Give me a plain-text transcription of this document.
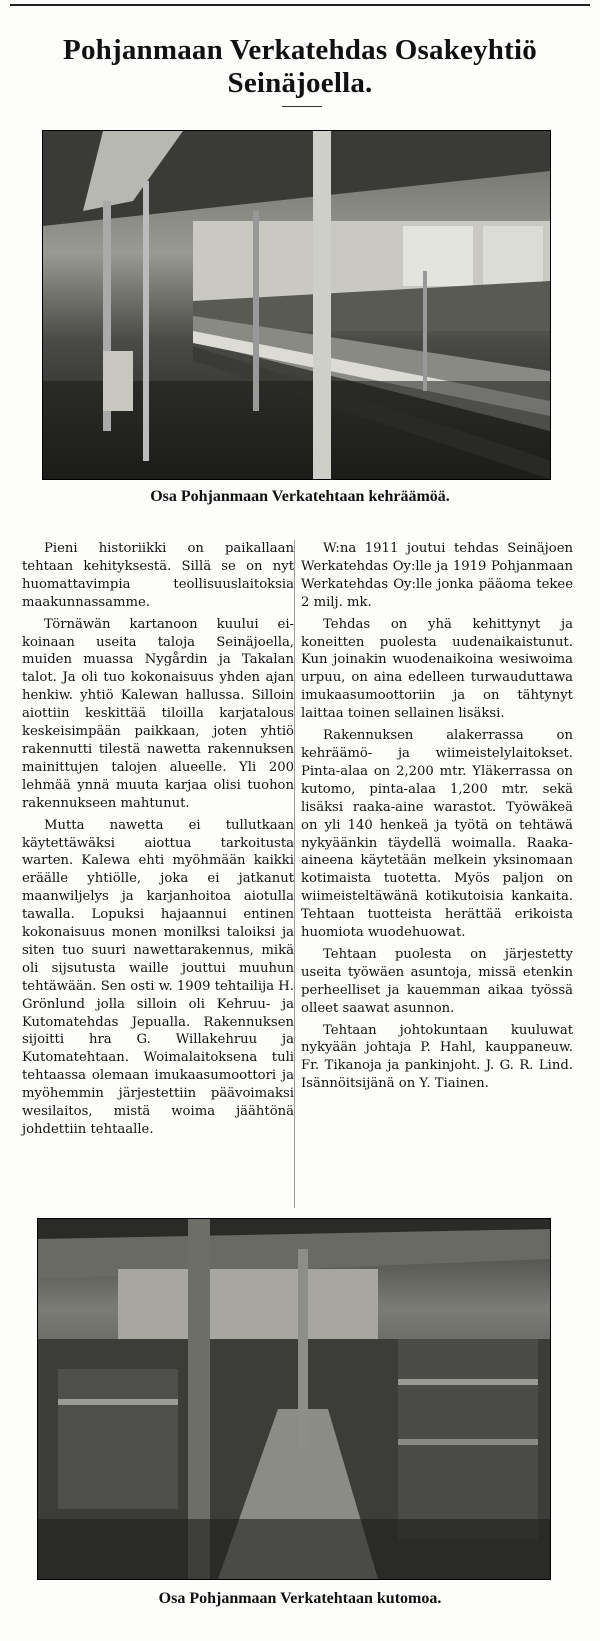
Pohjanmaan Verkatehdas Osakeyhtiö
Seinäjoella.
Osa Pohjanmaan Verkatehtaan kehräämöä.

Pieni historiikki on paikallaan tehtaan kehityksestä. Sillä se on nyt huomattavimpia teollisuuslaitoksia maakunnassamme.

Törnäwän kartanoon kuului ei-koinaan useita taloja Seinäjoella, muiden muassa Nygårdin ja Takalan talot. Ja oli tuo kokonaisuus yhden ajan henkiw. yhtiö Kalewan hallussa. Silloin aiottiin keskittää tiloilla karjatalous keskeisimpään paikkaan, joten yhtiö rakennutti tilestä nawetta rakennuksen mainittujen talojen alueelle. Yli 200 lehmää ynnä muuta karjaa olisi tuohon rakennukseen mahtunut.

Mutta nawetta ei tullutkaan käytettäwäksi aiottua tarkoitusta warten. Kalewa ehti myöhmään kaikki eräälle yhtiölle, joka ei jatkanut maanwiljelys ja karjanhoitoa aiotulla tawalla. Lopuksi hajaannui entinen kokonaisuus monen monilksi taloiksi ja siten tuo suuri nawettarakennus, mikä oli sijsutusta waille jouttui muuhun tehtäwään. Sen osti w. 1909 tehtailija H. Grönlund jolla silloin oli Kehruu- ja Kutomatehdas Jepualla. Rakennuksen sijoitti hra G. Willakehruu ja Kutomatehtaan. Woimalaitoksena tuli tehtaassa olemaan imukaasumoottori ja myöhemmin järjestettiin päävoimaksi wesilaitos, mistä woima jäähtönä johdettiin tehtaalle.

W:na 1911 joutui tehdas Seinäjoen Werkatehdas Oy:lle ja 1919 Pohjanmaan Werkatehdas Oy:lle jonka pääoma tekee 2 milj. mk.

Tehdas on yhä kehittynyt ja koneitten puolesta uudenaikaistunut. Kun joinakin wuodenaikoina wesiwoima urpuu, on aina edelleen turwauduttawa imukaasumoottoriin ja on tähtynyt laittaa toinen sellainen lisäksi.

Rakennuksen alakerrassa on kehräämö- ja wiimeistelylaitokset. Pinta-alaa on 2,200 mtr. Yläkerrassa on kutomo, pinta-alaa 1,200 mtr. sekä lisäksi raaka-aine warastot. Työwäkeä on yli 140 henkeä ja työtä on tehtäwä nykyäänkin täydellä woimalla. Raaka-aineena käytetään melkein yksinomaan kotimaista tuotetta. Myös paljon on wiimeisteltäwänä kotikutoisia kankaita. Tehtaan tuotteista herättää erikoista huomiota wuodehuowat.

Tehtaan puolesta on järjestetty useita työwäen asuntoja, missä etenkin perheelliset ja kauemman aikaa työssä olleet saawat asunnon.

Tehtaan johtokuntaan kuuluwat nykyään johtaja P. Hahl, kauppaneuw. Fr. Tikanoja ja pankinjoht. J. G. R. Lind. Isännöitsijänä on Y. Tiainen.

Osa Pohjanmaan Verkatehtaan kutomoa.
